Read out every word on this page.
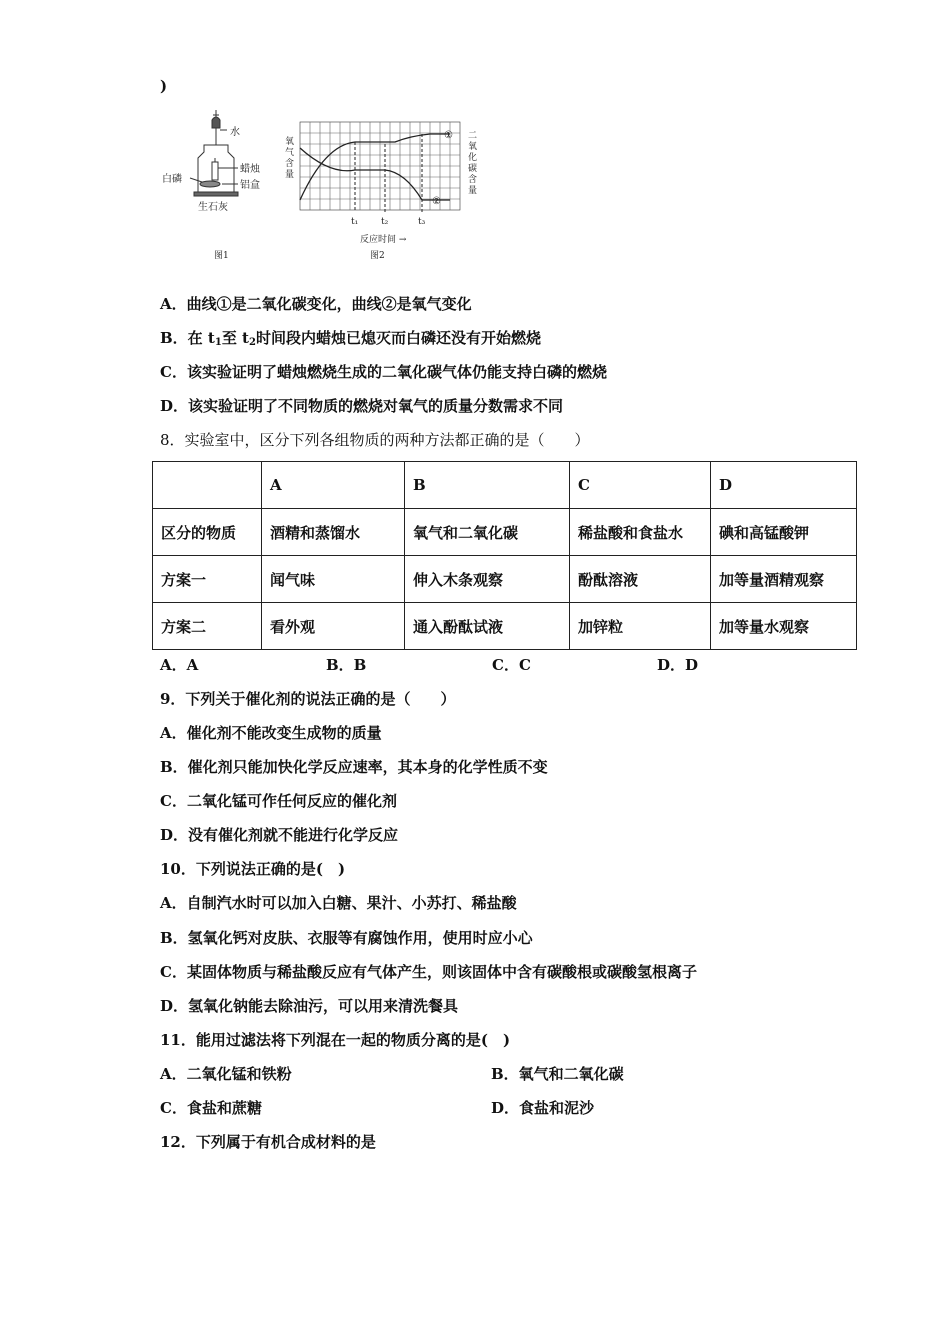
)
水
蜡烛
白磷
铝盒
生石灰
图1
①
②
t₁	t₂	t₃
反应时间 →
图2
氧
气
含
量
二
氧
化
碳
含
量
A．曲线①是二氧化碳变化，曲线②是氧气变化
B．在 $t_1$至 $t_2$时间段内蜡烛已熄灭而白磷还没有开始燃烧
C．该实验证明了蜡烛燃烧生成的二氧化碳气体仍能支持白磷的燃烧
D．该实验证明了不同物质的燃烧对氧气的质量分数需求不同
8．实验室中，区分下列各组物质的两种方法都正确的是（　　）
	A	B	C	D
区分的物质	酒精和蒸馏水	氧气和二氧化碳	稀盐酸和食盐水	碘和高锰酸钾
方案一	闻气味	伸入木条观察	酚酞溶液	加等量酒精观察
方案二	看外观	通入酚酞试液	加锌粒	加等量水观察
A．A	B．B	C．C	D．D
9．下列关于催化剂的说法正确的是（　　）
A．催化剂不能改变生成物的质量
B．催化剂只能加快化学反应速率，其本身的化学性质不变
C．二氧化锰可作任何反应的催化剂
D．没有催化剂就不能进行化学反应
10．下列说法正确的是(　)
A．自制汽水时可以加入白糖、果汁、小苏打、稀盐酸
B．氢氧化钙对皮肤、衣服等有腐蚀作用，使用时应小心
C．某固体物质与稀盐酸反应有气体产生，则该固体中含有碳酸根或碳酸氢根离子
D．氢氧化钠能去除油污，可以用来清洗餐具
11．能用过滤法将下列混在一起的物质分离的是(　)
A．二氧化锰和铁粉	B．氧气和二氧化碳
C．食盐和蔗糖	D．食盐和泥沙
12．下列属于有机合成材料的是
